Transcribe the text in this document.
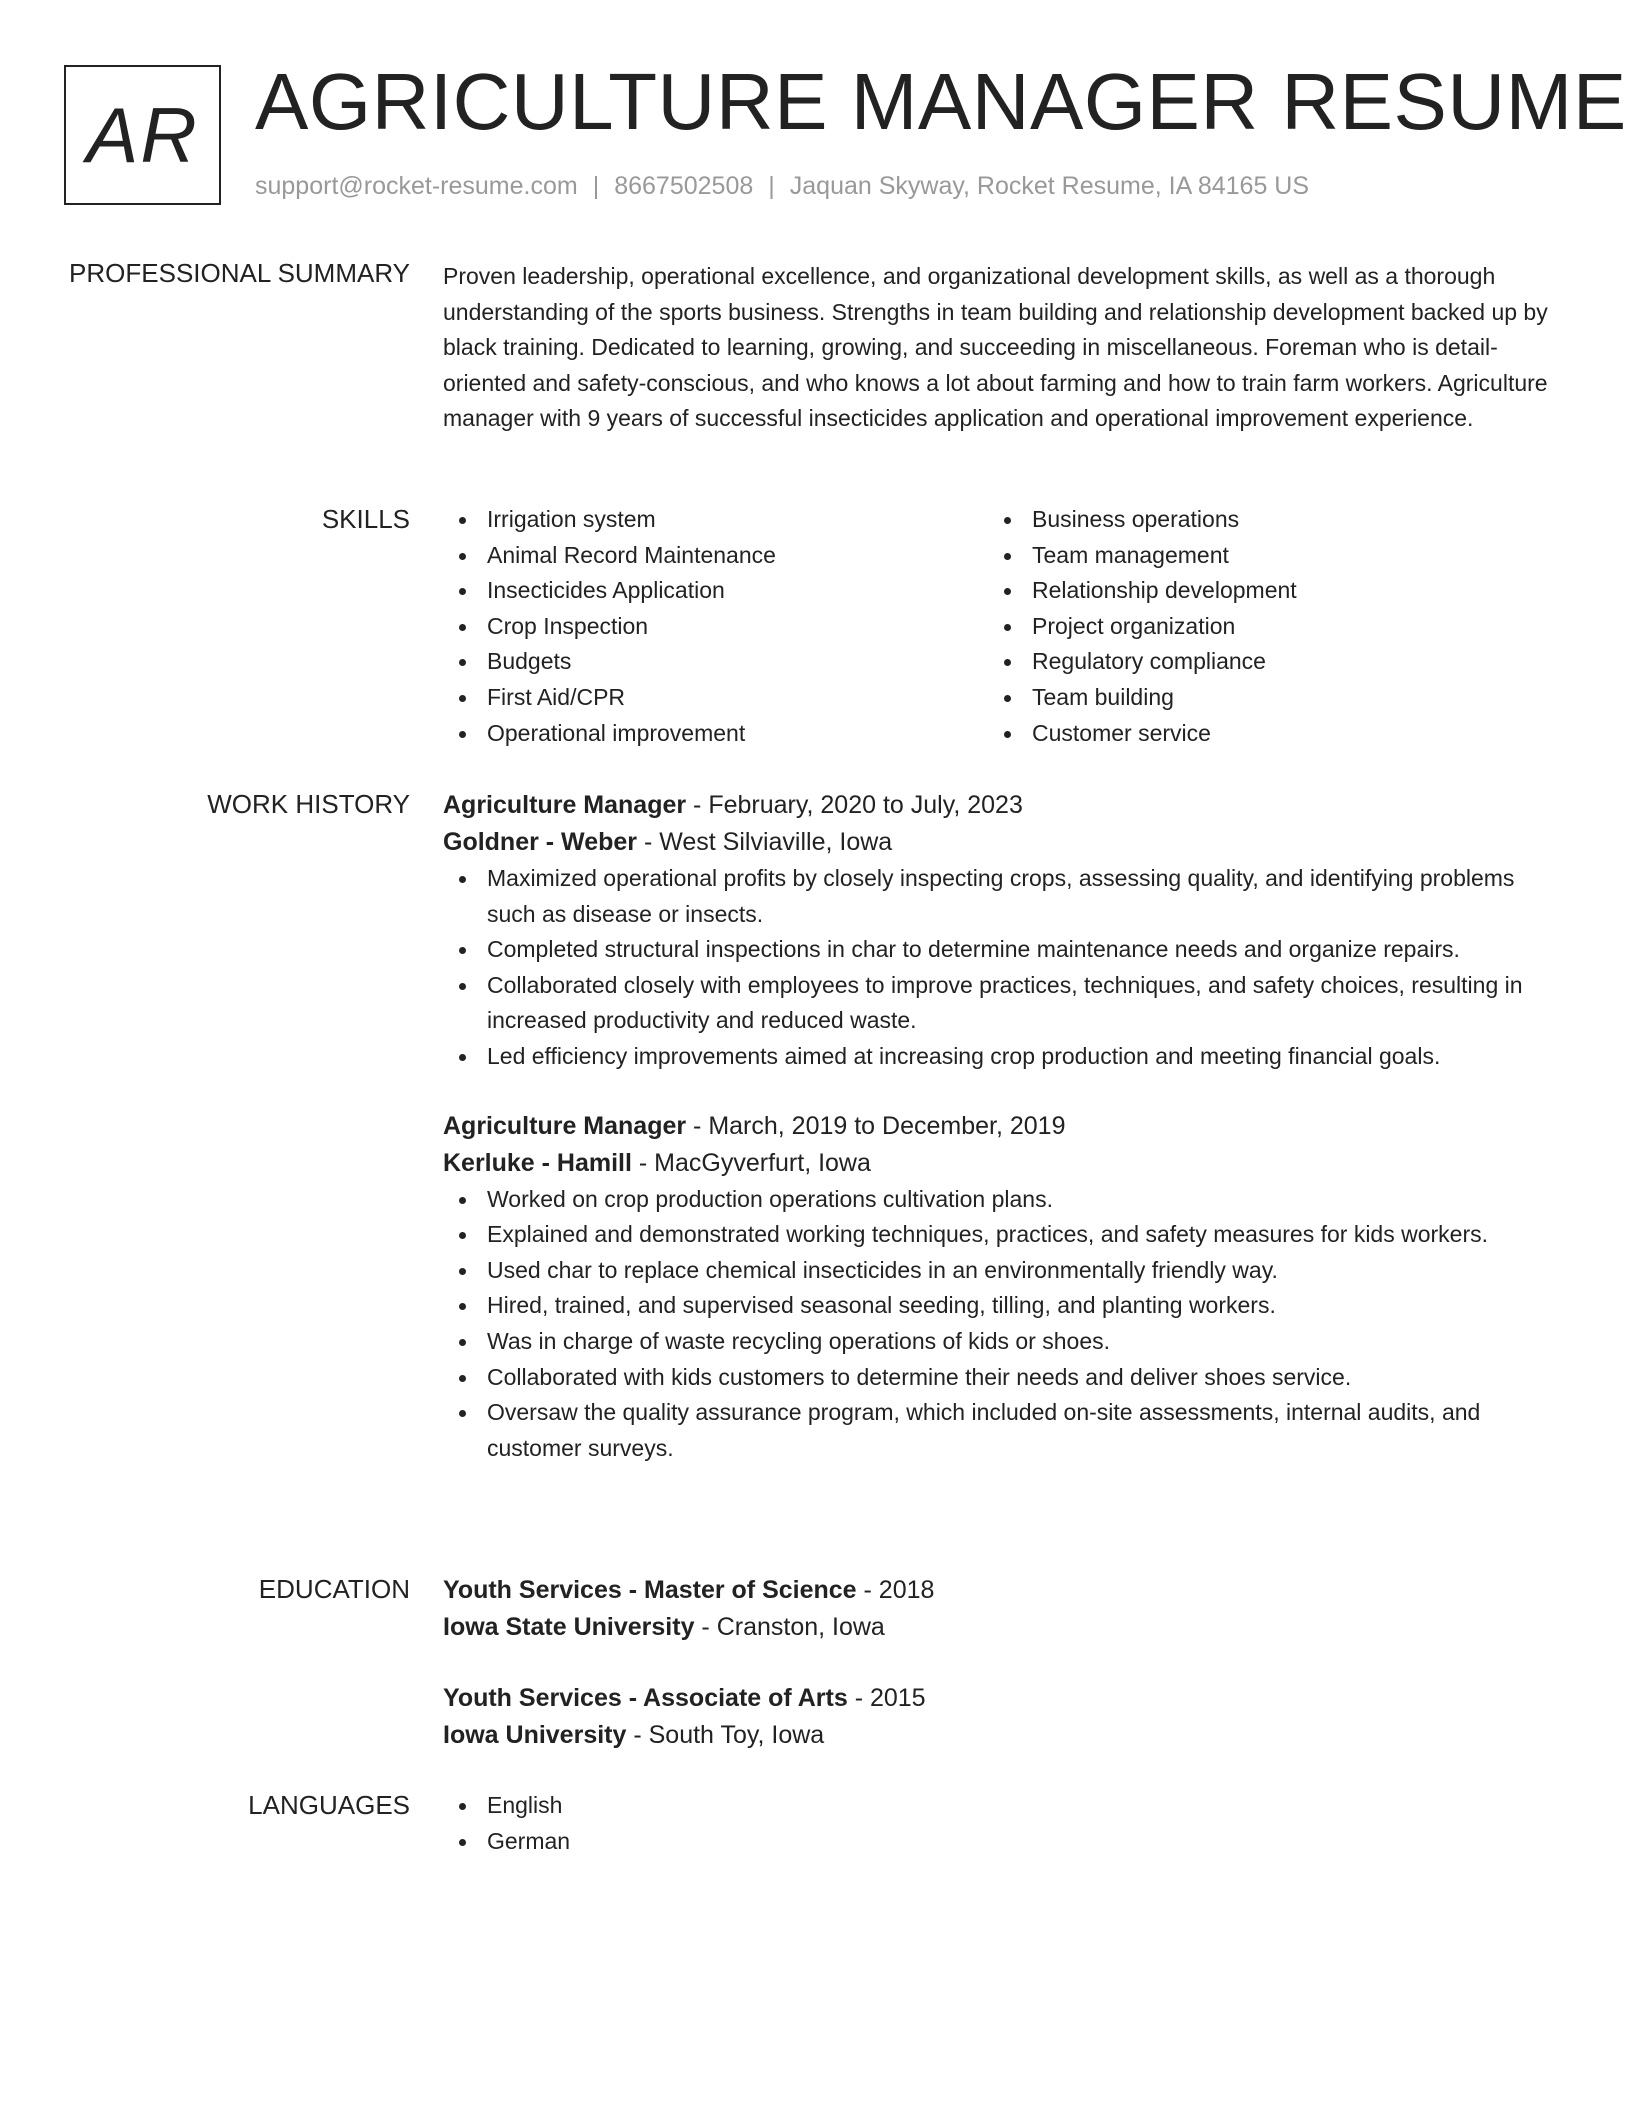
AR AGRICULTURE MANAGER RESUME
support@rocket-resume.com | 8667502508 | Jaquan Skyway, Rocket Resume, IA 84165 US
PROFESSIONAL SUMMARY Proven leadership, operational excellence, and organizational development skills, as well as a thorough understanding of the sports business. Strengths in team building and relationship development backed up by black training. Dedicated to learning, growing, and succeeding in miscellaneous. Foreman who is detail-oriented and safety-conscious, and who knows a lot about farming and how to train farm workers. Agriculture manager with 9 years of successful insecticides application and operational improvement experience.

SKILLS	Irrigation system
Animal Record Maintenance
Insecticides Application
Crop Inspection
Budgets
First Aid/CPR
Operational improvement
Business operations
Team management
Relationship development
Project organization
Regulatory compliance
Team building
Customer service
WORK HISTORY Agriculture Manager - February, 2020 to July, 2023
Goldner - Weber - West Silviaville, Iowa
Maximized operational profits by closely inspecting crops, assessing quality, and identifying problems such as disease or insects.
Completed structural inspections in char to determine maintenance needs and organize repairs.
Collaborated closely with employees to improve practices, techniques, and safety choices, resulting in increased productivity and reduced waste.
Led efficiency improvements aimed at increasing crop production and meeting financial goals.
Agriculture Manager - March, 2019 to December, 2019
Kerluke - Hamill - MacGyverfurt, Iowa
Worked on crop production operations cultivation plans.
Explained and demonstrated working techniques, practices, and safety measures for kids workers.
Used char to replace chemical insecticides in an environmentally friendly way.
Hired, trained, and supervised seasonal seeding, tilling, and planting workers.
Was in charge of waste recycling operations of kids or shoes.
Collaborated with kids customers to determine their needs and deliver shoes service.
Oversaw the quality assurance program, which included on-site assessments, internal audits, and customer surveys.
EDUCATION Youth Services - Master of Science - 2018
Iowa State University - Cranston, Iowa
Youth Services - Associate of Arts - 2015
Iowa University - South Toy, Iowa
LANGUAGES	English
German
